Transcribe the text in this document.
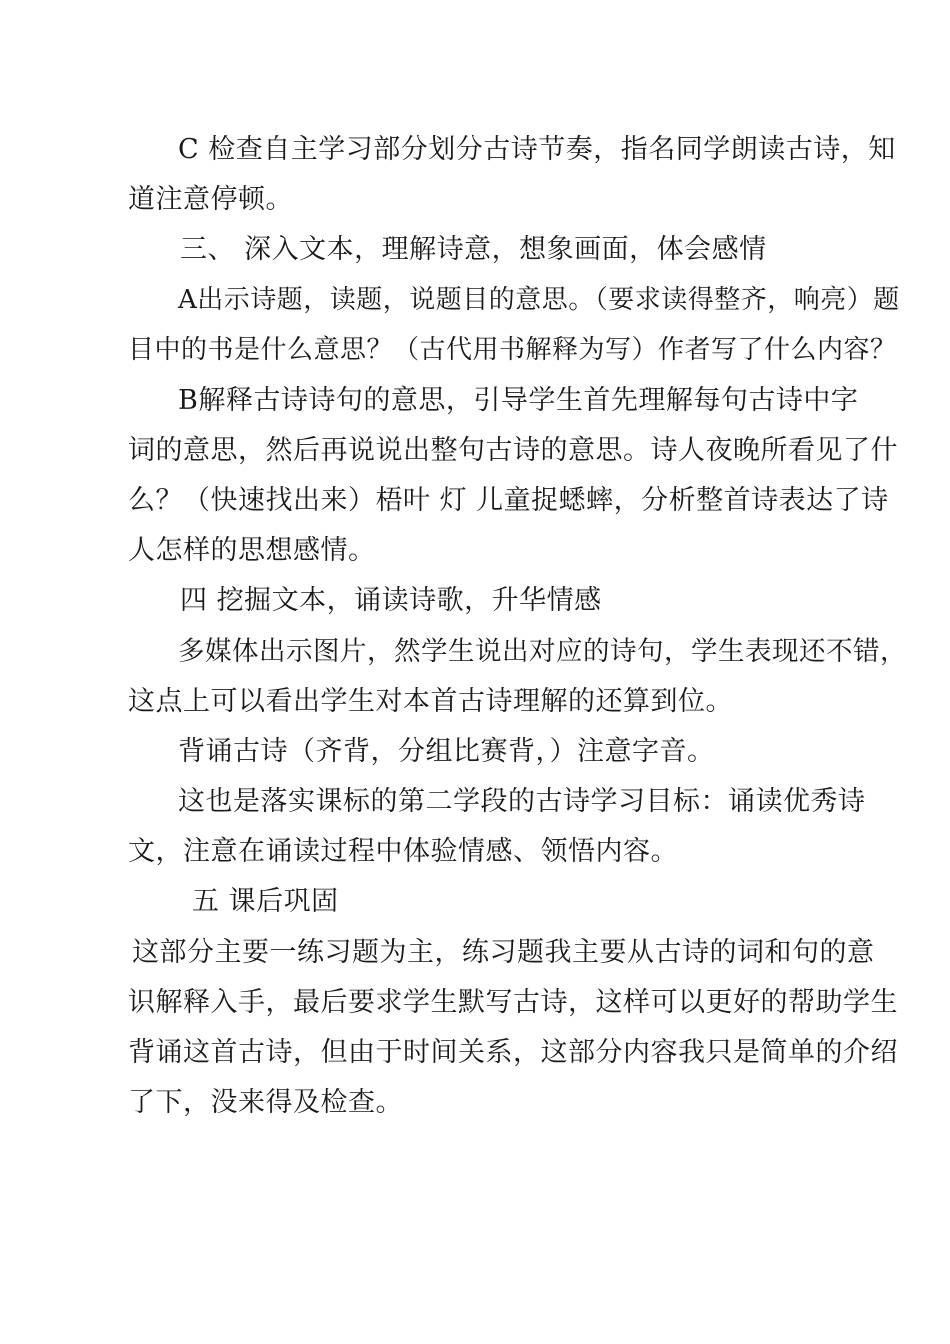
C 检查自主学习部分划分古诗节奏，指名同学朗读古诗，知
道注意停顿。
三、 深入文本，理解诗意，想象画面，体会感情
A出示诗题，读题，说题目的意思。（要求读得整齐，响亮）题
目中的书是什么意思？（古代用书解释为写）作者写了什么内容？
B解释古诗诗句的意思，引导学生首先理解每句古诗中字
词的意思，然后再说说出整句古诗的意思。诗人夜晚所看见了什
么？（快速找出来）梧叶 灯 儿童捉蟋蟀，分析整首诗表达了诗
人怎样的思想感情。
四 挖掘文本，诵读诗歌，升华情感
多媒体出示图片，然学生说出对应的诗句，学生表现还不错，
这点上可以看出学生对本首古诗理解的还算到位。
背诵古诗（齐背，分组比赛背，）注意字音。
这也是落实课标的第二学段的古诗学习目标：诵读优秀诗
文，注意在诵读过程中体验情感、领悟内容。
五 课后巩固
这部分主要一练习题为主，练习题我主要从古诗的词和句的意
识解释入手，最后要求学生默写古诗，这样可以更好的帮助学生
背诵这首古诗，但由于时间关系，这部分内容我只是简单的介绍
了下，没来得及检查。
